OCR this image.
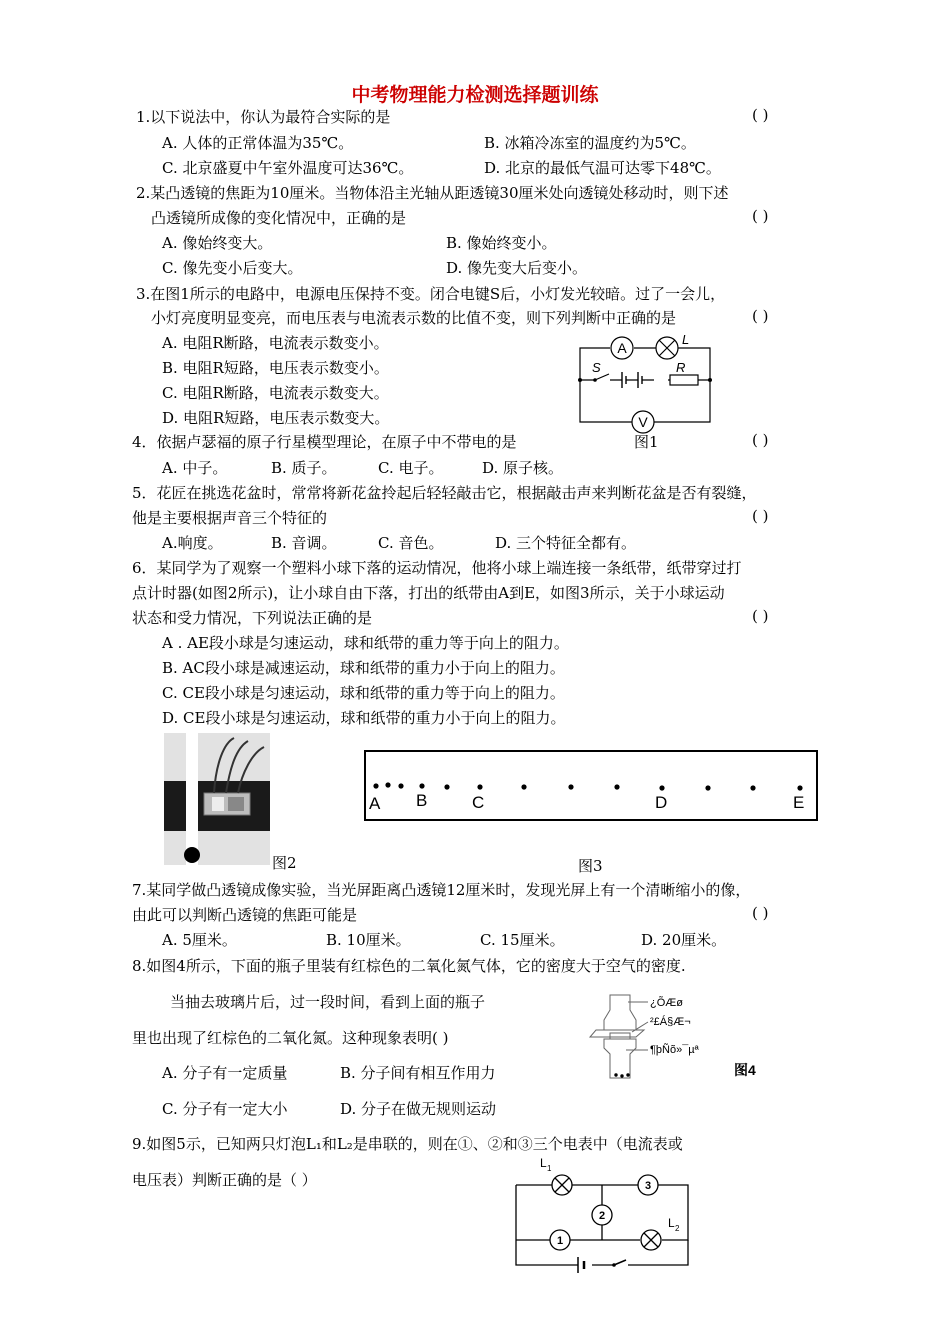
中考物理能力检测选择题训练
1.以下说法中，你认为最符合实际的是	( )
A. 人体的正常体温为35℃。	B. 冰箱冷冻室的温度约为5℃。
C. 北京盛夏中午室外温度可达36℃。	D. 北京的最低气温可达零下48℃。
2.某凸透镜的焦距为10厘米。当物体沿主光轴从距透镜30厘米处向透镜处移动时，则下述
凸透镜所成像的变化情况中，正确的是	( )
A. 像始终变大。	B. 像始终变小。
C. 像先变小后变大。	D. 像先变大后变小。
3.在图1所示的电路中，电源电压保持不变。闭合电键S后，小灯发光较暗。过了一会儿，
小灯亮度明显变亮，而电压表与电流表示数的比值不变，则下列判断中正确的是	( )
A. 电阻R断路，电流表示数变小。
B. 电阻R短路，电压表示数变小。
C. 电阻R断路，电流表示数变大。
D. 电阻R短路，电压表示数变大。
A
L
S	R
V
4．依据卢瑟福的原子行星模型理论，在原子中不带电的是	图1	( )
A. 中子。	B. 质子。	C. 电子。	D. 原子核。
5．花匠在挑选花盆时，常常将新花盆拎起后轻轻敲击它，根据敲击声来判断花盆是否有裂缝，
他是主要根据声音三个特征的	( )
A.响度。	B. 音调。	C. 音色。	D. 三个特征全都有。
6．某同学为了观察一个塑料小球下落的运动情况，他将小球上端连接一条纸带，纸带穿过打
点计时器(如图2所示)，让小球自由下落，打出的纸带由A到E，如图3所示，关于小球运动
状态和受力情况，下列说法正确的是	( )
A . AE段小球是匀速运动，球和纸带的重力等于向上的阻力。
B. AC段小球是减速运动，球和纸带的重力小于向上的阻力。
C. CE段小球是匀速运动，球和纸带的重力等于向上的阻力。
D. CE段小球是匀速运动，球和纸带的重力小于向上的阻力。
图2
A B	C	D	E
图3
7.某同学做凸透镜成像实验，当光屏距离凸透镜12厘米时，发现光屏上有一个清晰缩小的像，
由此可以判断凸透镜的焦距可能是	( )
A. 5厘米。	B. 10厘米。	C. 15厘米。	D. 20厘米。
8.如图4所示，下面的瓶子里装有红棕色的二氧化氮气体，它的密度大于空气的密度.
当抽去玻璃片后，过一段时间，看到上面的瓶子
里也出现了红棕色的二氧化氮。这种现象表明( )
A. 分子有一定质量	B. 分子间有相互作用力
C. 分子有一定大小	D. 分子在做无规则运动
¿ÕÆø
²£Á§Æ¬
¶þÑõ»¯µª
图4
9.如图5示，已知两只灯泡L₁和L₂是串联的，则在①、②和③三个电表中（电流表或
电压表）判断正确的是（ ）	3
2
1
L 1
L 2
